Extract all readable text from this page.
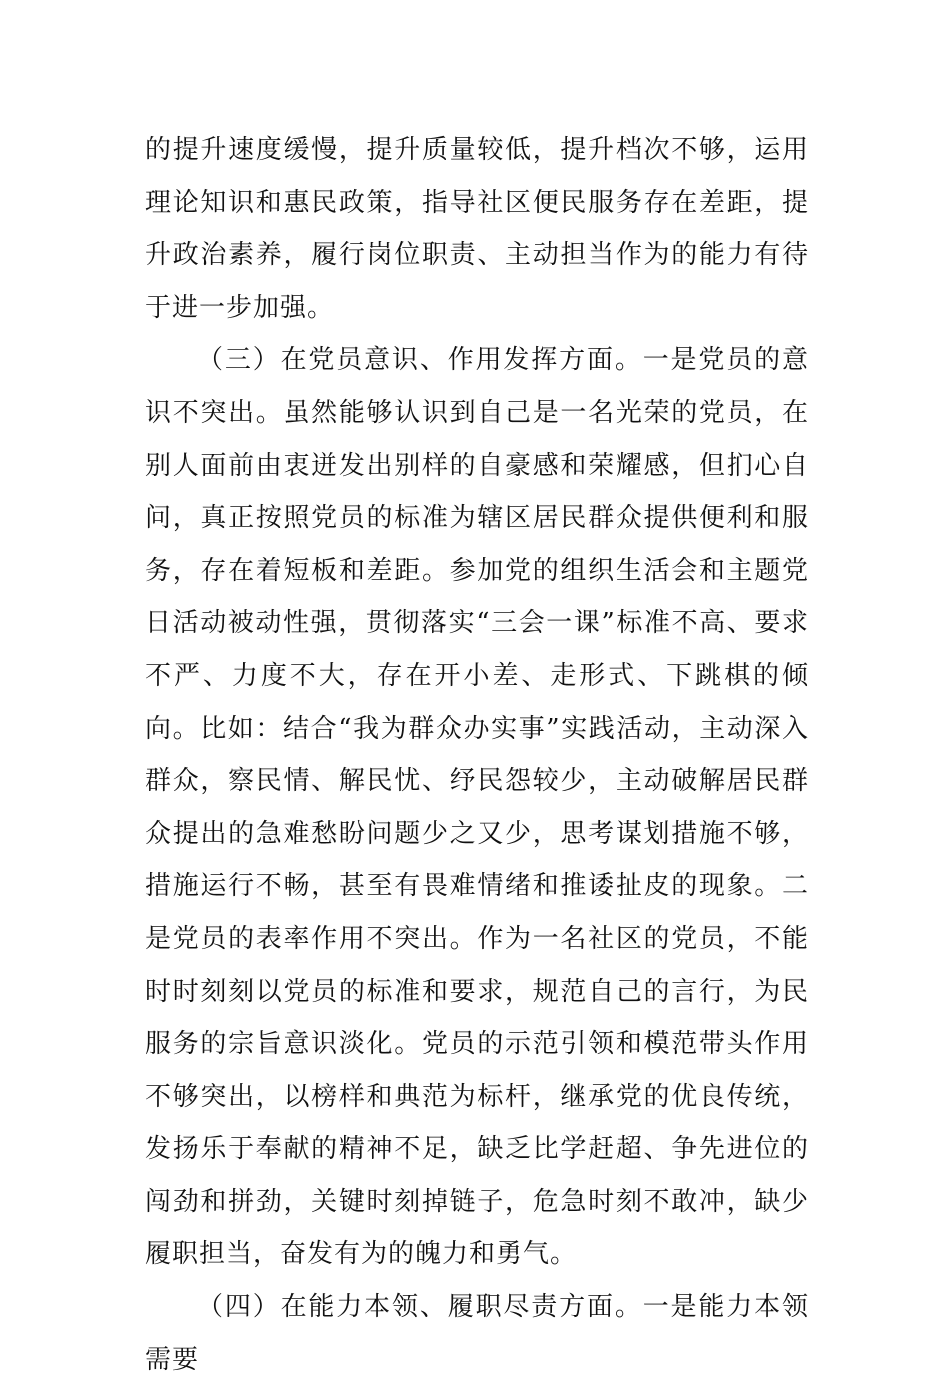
的提升速度缓慢，提升质量较低，提升档次不够，运用理论知识和惠民政策，指导社区便民服务存在差距，提升政治素养，履行岗位职责、主动担当作为的能力有待于进一步加强。

（三）在党员意识、作用发挥方面。一是党员的意识不突出。虽然能够认识到自己是一名光荣的党员，在别人面前由衷迸发出别样的自豪感和荣耀感，但扪心自问，真正按照党员的标准为辖区居民群众提供便利和服务，存在着短板和差距。参加党的组织生活会和主题党日活动被动性强，贯彻落实“三会一课”标准不高、要求不严、力度不大，存在开小差、走形式、下跳棋的倾向。比如：结合“我为群众办实事”实践活动，主动深入群众，察民情、解民忧、纾民怨较少，主动破解居民群众提出的急难愁盼问题少之又少，思考谋划措施不够，措施运行不畅，甚至有畏难情绪和推诿扯皮的现象。二是党员的表率作用不突出。作为一名社区的党员，不能时时刻刻以党员的标准和要求，规范自己的言行，为民服务的宗旨意识淡化。党员的示范引领和模范带头作用不够突出，以榜样和典范为标杆，继承党的优良传统，发扬乐于奉献的精神不足，缺乏比学赶超、争先进位的闯劲和拼劲，关键时刻掉链子，危急时刻不敢冲，缺少履职担当，奋发有为的魄力和勇气。

（四）在能力本领、履职尽责方面。一是能力本领需要
